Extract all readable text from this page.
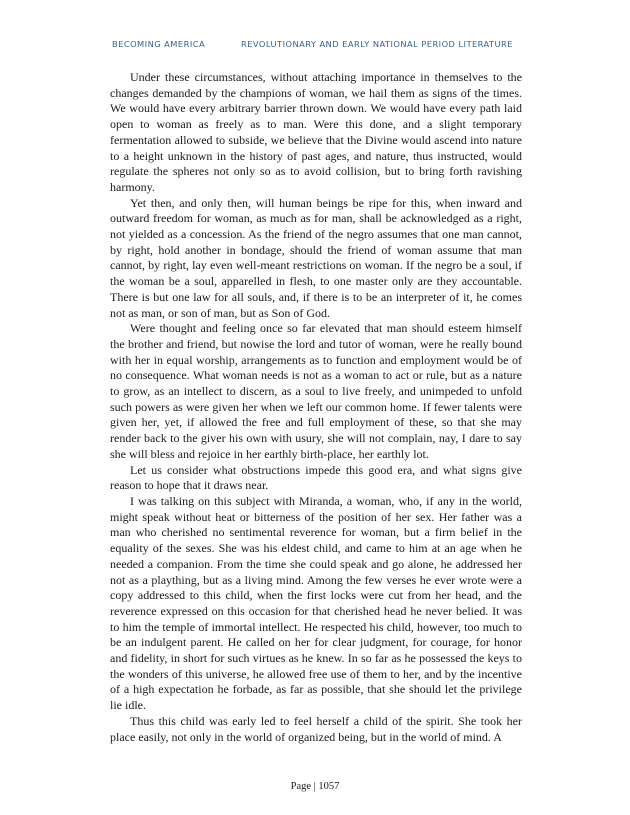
BECOMING AMERICA	REVOLUTIONARY AND EARLY NATIONAL PERIOD LITERATURE

Under these circumstances, without attaching importance in themselves to the changes demanded by the champions of woman, we hail them as signs of the times. We would have every arbitrary barrier thrown down. We would have every path laid open to woman as freely as to man. Were this done, and a slight temporary fermentation allowed to subside, we believe that the Divine would ascend into nature to a height unknown in the history of past ages, and nature, thus instructed, would regulate the spheres not only so as to avoid collision, but to bring forth ravishing harmony.

Yet then, and only then, will human beings be ripe for this, when inward and outward freedom for woman, as much as for man, shall be acknowledged as a right, not yielded as a concession. As the friend of the negro assumes that one man cannot, by right, hold another in bondage, should the friend of woman assume that man cannot, by right, lay even well-meant restrictions on woman. If the negro be a soul, if the woman be a soul, apparelled in flesh, to one master only are they accountable. There is but one law for all souls, and, if there is to be an interpreter of it, he comes not as man, or son of man, but as Son of God.

Were thought and feeling once so far elevated that man should esteem himself the brother and friend, but nowise the lord and tutor of woman, were he really bound with her in equal worship, arrangements as to function and employment would be of no consequence. What woman needs is not as a woman to act or rule, but as a nature to grow, as an intellect to discern, as a soul to live freely, and unimpeded to unfold such powers as were given her when we left our common home. If fewer talents were given her, yet, if allowed the free and full employment of these, so that she may render back to the giver his own with usury, she will not complain, nay, I dare to say she will bless and rejoice in her earthly birth-place, her earthly lot.

Let us consider what obstructions impede this good era, and what signs give reason to hope that it draws near.

I was talking on this subject with Miranda, a woman, who, if any in the world, might speak without heat or bitterness of the position of her sex. Her father was a man who cherished no sentimental reverence for woman, but a firm belief in the equality of the sexes. She was his eldest child, and came to him at an age when he needed a companion. From the time she could speak and go alone, he addressed her not as a plaything, but as a living mind. Among the few verses he ever wrote were a copy addressed to this child, when the first locks were cut from her head, and the reverence expressed on this occasion for that cherished head he never belied. It was to him the temple of immortal intellect. He respected his child, however, too much to be an indulgent parent. He called on her for clear judgment, for courage, for honor and fidelity, in short for such virtues as he knew. In so far as he possessed the keys to the wonders of this universe, he allowed free use of them to her, and by the incentive of a high expectation he forbade, as far as possible, that she should let the privilege lie idle.

Thus this child was early led to feel herself a child of the spirit. She took her place easily, not only in the world of organized being, but in the world of mind. A

Page | 1057
